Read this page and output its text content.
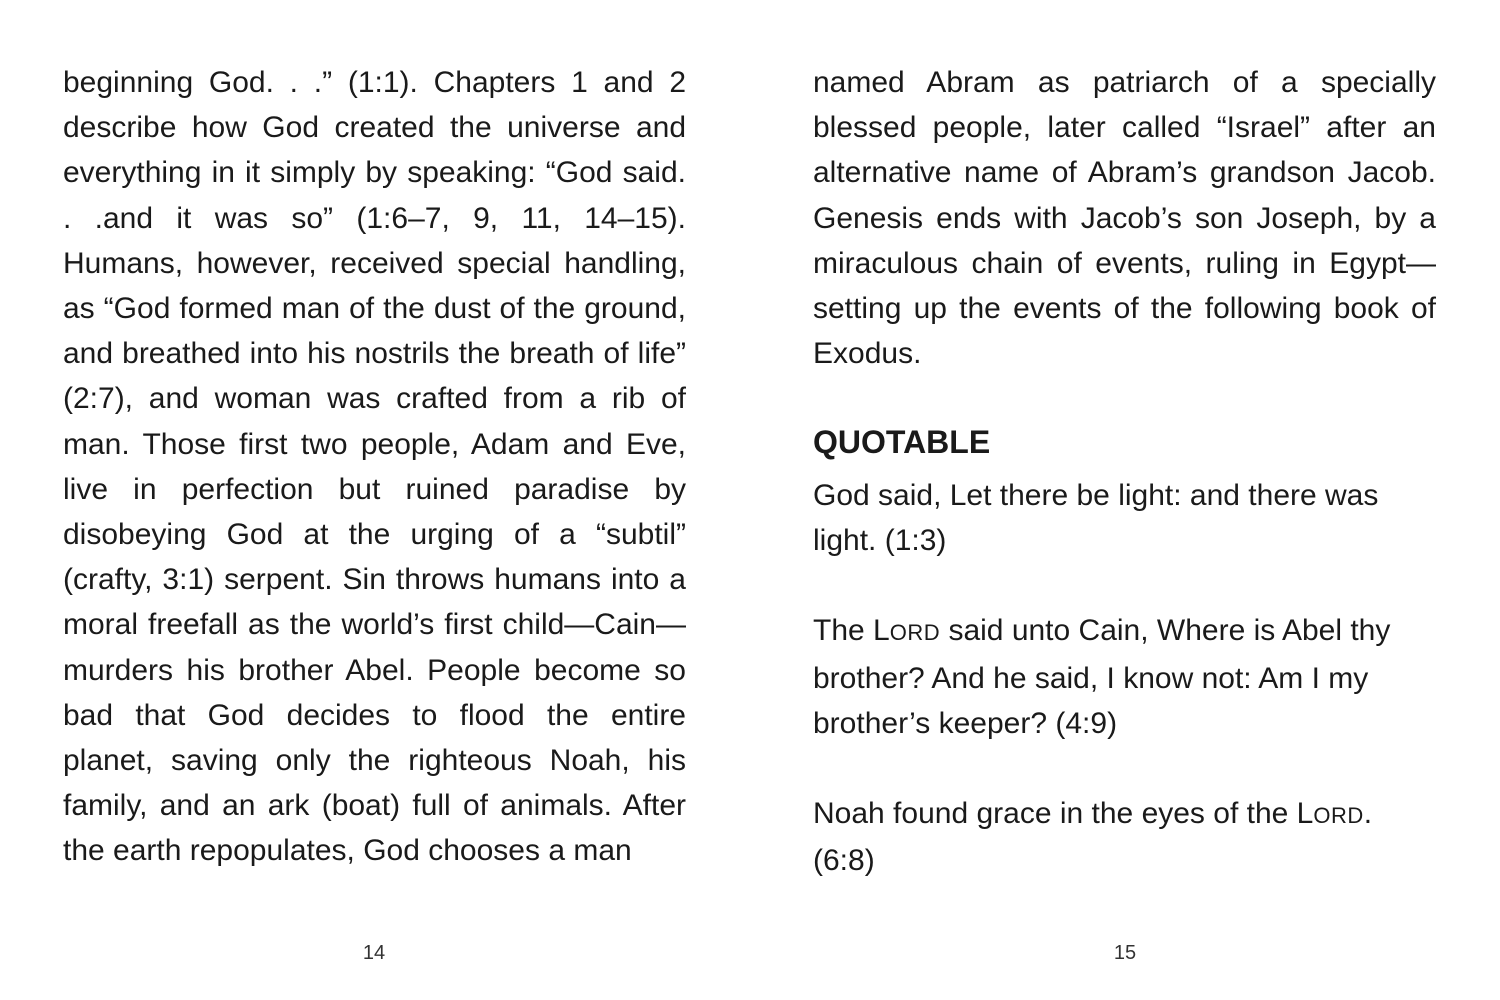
beginning God. . .” (1:1). Chapters 1 and 2 describe how God created the universe and everything in it simply by speaking: “God said. . .and it was so” (1:6–7, 9, 11, 14–15). Humans, however, received special handling, as “God formed man of the dust of the ground, and breathed into his nostrils the breath of life” (2:7), and woman was crafted from a rib of man. Those first two people, Adam and Eve, live in perfection but ruined paradise by disobeying God at the urging of a “subtil” (crafty, 3:1) serpent. Sin throws humans into a moral freefall as the world’s first child—Cain—murders his brother Abel. People become so bad that God decides to flood the entire planet, saving only the righteous Noah, his family, and an ark (boat) full of animals. After the earth repopulates, God chooses a man

14

named Abram as patriarch of a specially blessed people, later called “Israel” after an alternative name of Abram’s grandson Jacob. Genesis ends with Jacob’s son Joseph, by a miraculous chain of events, ruling in Egypt—setting up the events of the following book of Exodus.

QUOTABLE

God said, Let there be light: and there was light. (1:3)

The LORD said unto Cain, Where is Abel thy brother? And he said, I know not: Am I my brother’s keeper? (4:9)

Noah found grace in the eyes of the LORD. (6:8)

15
